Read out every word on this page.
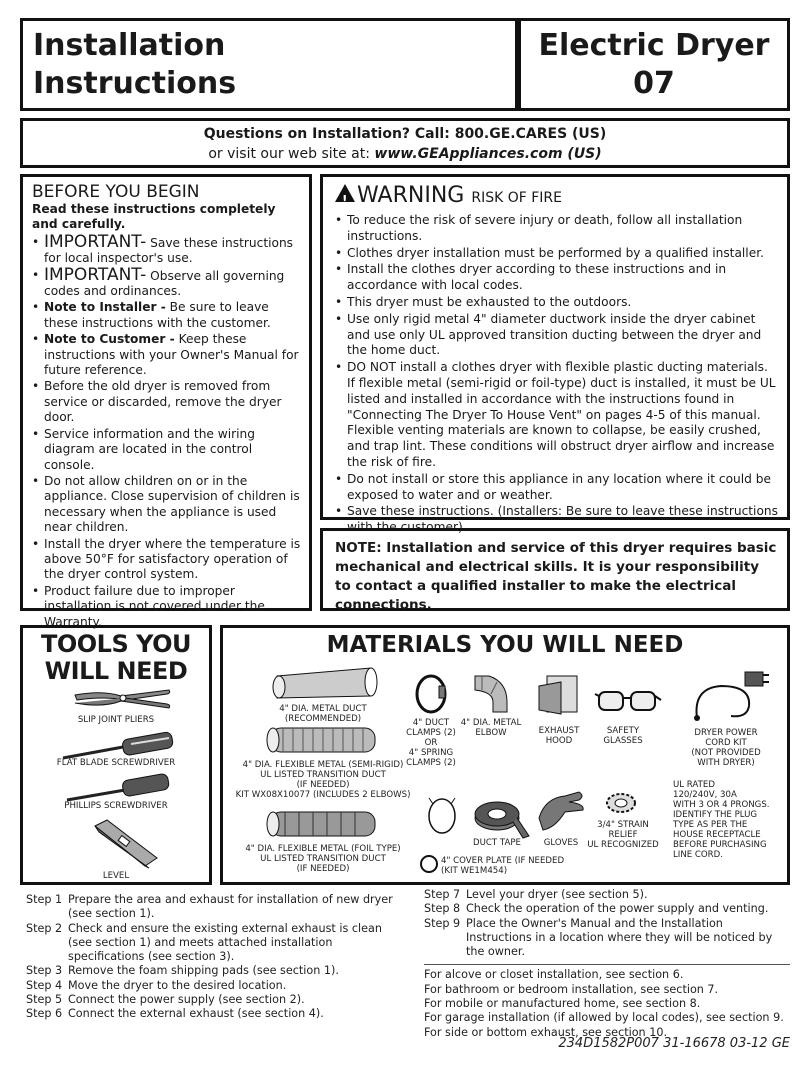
Installation
Instructions
Electric Dryer
07
Questions on Installation? Call: 800.GE.CARES (US)
or visit our web site at: www.GEAppliances.com (US)
BEFORE YOU BEGIN
Read these instructions completely and carefully.
• IMPORTANT- Save these instructions for local inspector's use.
• IMPORTANT- Observe all governing codes and ordinances.
• Note to Installer - Be sure to leave these instructions with the customer.
• Note to Customer - Keep these instructions with your Owner's Manual for future reference.
• Before the old dryer is removed from service or discarded, remove the dryer door.
• Service information and the wiring diagram are located in the control console.
• Do not allow children on or in the appliance. Close supervision of children is necessary when the appliance is used near children.
• Install the dryer where the temperature is above 50°F for satisfactory operation of the dryer control system.
• Product failure due to improper installation is not covered under the Warranty.
!WARNING RISK OF FIRE
• To reduce the risk of severe injury or death, follow all installation instructions.
• Clothes dryer installation must be performed by a qualified installer.
• Install the clothes dryer according to these instructions and in accordance with local codes.
• This dryer must be exhausted to the outdoors.
• Use only rigid metal 4" diameter ductwork inside the dryer cabinet and use only UL approved transition ducting between the dryer and the home duct.
• DO NOT install a clothes dryer with flexible plastic ducting materials. If flexible metal (semi-rigid or foil-type) duct is installed, it must be UL listed and installed in accordance with the instructions found in "Connecting The Dryer To House Vent" on pages 4-5 of this manual. Flexible venting materials are known to collapse, be easily crushed, and trap lint. These conditions will obstruct dryer airflow and increase the risk of fire.
• Do not install or store this appliance in any location where it could be exposed to water and or weather.
• Save these instructions. (Installers: Be sure to leave these instructions with the customer).
NOTE: Installation and service of this dryer requires basic mechanical and electrical skills. It is your responsibility to contact a qualified installer to make the electrical connections.
TOOLS YOU
WILL NEED
SLIP JOINT PLIERS
FLAT BLADE SCREWDRIVER
PHILLIPS SCREWDRIVER
LEVEL
MATERIALS YOU WILL NEED
4" DIA. METAL DUCT
(RECOMMENDED)
4" DIA. FLEXIBLE METAL (SEMI-RIGID)
UL LISTED TRANSITION DUCT
(IF NEEDED)
KIT WX08X10077 (INCLUDES 2 ELBOWS)
4" DIA. FLEXIBLE METAL (FOIL TYPE)
UL LISTED TRANSITION DUCT
(IF NEEDED)
4" DUCT
CLAMPS (2)
OR
4" SPRING
CLAMPS (2)
4" DIA. METAL
ELBOW	EXHAUST
HOOD
SAFETY
GLASSES
DRYER POWER
CORD KIT
(NOT PROVIDED
WITH DRYER)
UL RATED
120/240V, 30A
WITH 3 OR 4 PRONGS.
IDENTIFY THE PLUG
TYPE AS PER THE
HOUSE RECEPTACLE
BEFORE PURCHASING
LINE CORD.
DUCT TAPE	GLOVES
3/4" STRAIN
RELIEF
UL RECOGNIZED
4" COVER PLATE (IF NEEDED
(KIT WE1M454)
Step 1 Prepare the area and exhaust for installation of new dryer (see section 1).
Step 2 Check and ensure the existing external exhaust is clean (see section 1) and meets attached installation specifications (see section 3).
Step 3 Remove the foam shipping pads (see section 1).
Step 4 Move the dryer to the desired location.
Step 5 Connect the power supply (see section 2).
Step 6 Connect the external exhaust (see section 4).
Step 7 Level your dryer (see section 5).
Step 8 Check the operation of the power supply and venting.
Step 9 Place the Owner's Manual and the Installation Instructions in a location where they will be noticed by the owner.
For alcove or closet installation, see section 6.
For bathroom or bedroom installation, see section 7.
For mobile or manufactured home, see section 8.
For garage installation (if allowed by local codes), see section 9.
For side or bottom exhaust, see section 10.
234D1582P007 31-16678 03-12 GE
